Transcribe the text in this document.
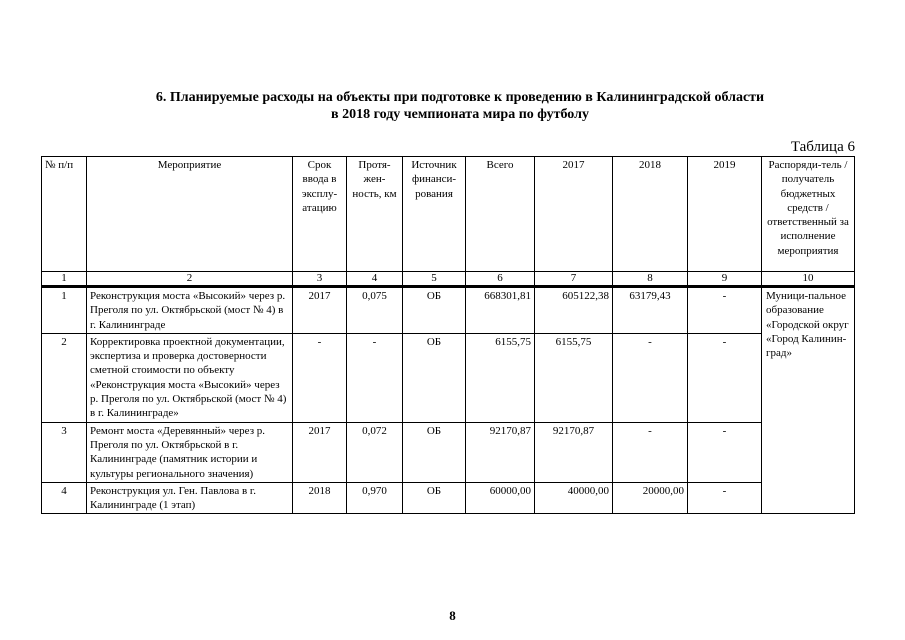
6. Планируемые расходы на объекты при подготовке к проведению в Калининградской области
в 2018 году чемпионата мира по футболу
Таблица 6
№ п/п	Мероприятие	Срок ввода в эксплу-атацию	Протя-жен-ность, км	Источник финанси-рования	Всего	2017	2018	2019	Распоряди-тель / получатель бюджетных средств / ответственный за исполнение мероприятия
1	2	3	4	5	6	7	8	9	10

1	Реконструкция моста «Высокий» через р. Преголя по ул. Октябрьской (мост № 4) в г. Калининграде	2017	0,075	ОБ	668301,81	605122,38	63179,43	-	Муници-пальное образование «Городской округ «Город Калинин-град»
2	Корректировка проектной документации, экспертиза и проверка достоверности сметной стоимости по объекту «Реконструкция моста «Высокий» через р. Преголя по ул. Октябрьской (мост № 4) в г. Калининграде»	-	-	ОБ	6155,75	6155,75	-	-	
3	Ремонт моста «Деревянный» через р. Преголя по ул. Октябрьской в г. Калининграде (памятник истории и культуры регионального значения)	2017	0,072	ОБ	92170,87	92170,87	-	-	
4	Реконструкция ул. Ген. Павлова в г. Калининграде (1 этап)	2018	0,970	ОБ	60000,00	40000,00	20000,00	-	
8
